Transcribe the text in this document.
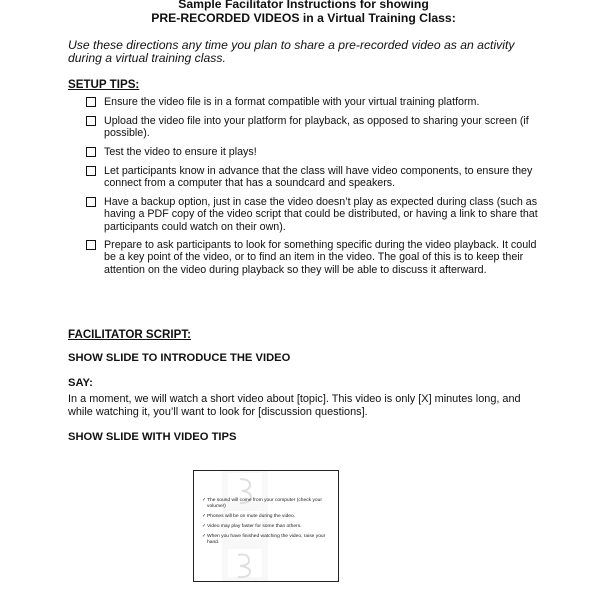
Sample Facilitator Instructions for showing
PRE-RECORDED VIDEOS in a Virtual Training Class:
Use these directions any time you plan to share a pre-recorded video as an activity during a virtual training class.
SETUP TIPS:
Ensure the video file is in a format compatible with your virtual training platform.
Upload the video file into your platform for playback, as opposed to sharing your screen (if possible).
Test the video to ensure it plays!
Let participants know in advance that the class will have video components, to ensure they connect from a computer that has a soundcard and speakers.
Have a backup option, just in case the video doesn’t play as expected during class (such as having a PDF copy of the video script that could be distributed, or having a link to share that participants could watch on their own).
Prepare to ask participants to look for something specific during the video playback. It could be a key point of the video, or to find an item in the video. The goal of this is to keep their attention on the video during playback so they will be able to discuss it afterward.
FACILITATOR SCRIPT:
SHOW SLIDE TO INTRODUCE THE VIDEO
SAY:
In a moment, we will watch a short video about [topic]. This video is only [X] minutes long, and while watching it, you’ll want to look for [discussion questions].
SHOW SLIDE WITH VIDEO TIPS
✓ The sound will come from your computer (check your volume!)
✓ Phones will be on mute during the video.
✓ Video may play faster for some than others.
✓ When you have finished watching the video, raise your hand.
